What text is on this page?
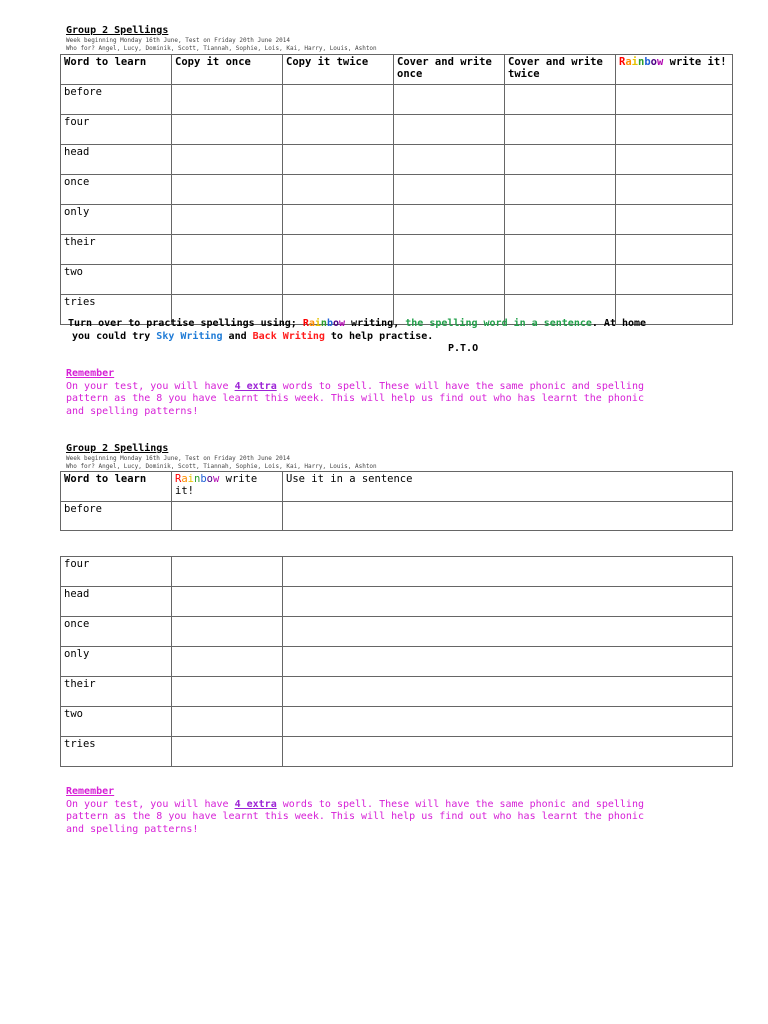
Group 2 Spellings
Week beginning Monday 16th June, Test on Friday 20th June 2014
Who for? Angel, Lucy, Dominik, Scott, Tiannah, Sophie, Lois, Kai, Harry, Louis, Ashton
Word to learn	Copy it once	Copy it twice	Cover and write once	Cover and write twice	Rainbow write it!
before					
four					
head					
once					
only					
their					
two					
tries					
Turn over to practise spellings using; Rainbow writing, the spelling word in a sentence. At home
you could try Sky Writing and Back Writing to help practise.
P.T.O
Remember
On your test, you will have 4 extra words to spell. These will have the same phonic and spelling
pattern as the 8 you have learnt this week. This will help us find out who has learnt the phonic
and spelling patterns!
Group 2 Spellings
Week beginning Monday 16th June, Test on Friday 20th June 2014
Who for? Angel, Lucy, Dominik, Scott, Tiannah, Sophie, Lois, Kai, Harry, Louis, Ashton
Word to learn	Rainbow write it!	Use it in a sentence
before		
four		
head		
once		
only		
their		
two		
tries		
Remember
On your test, you will have 4 extra words to spell. These will have the same phonic and spelling
pattern as the 8 you have learnt this week. This will help us find out who has learnt the phonic
and spelling patterns!
